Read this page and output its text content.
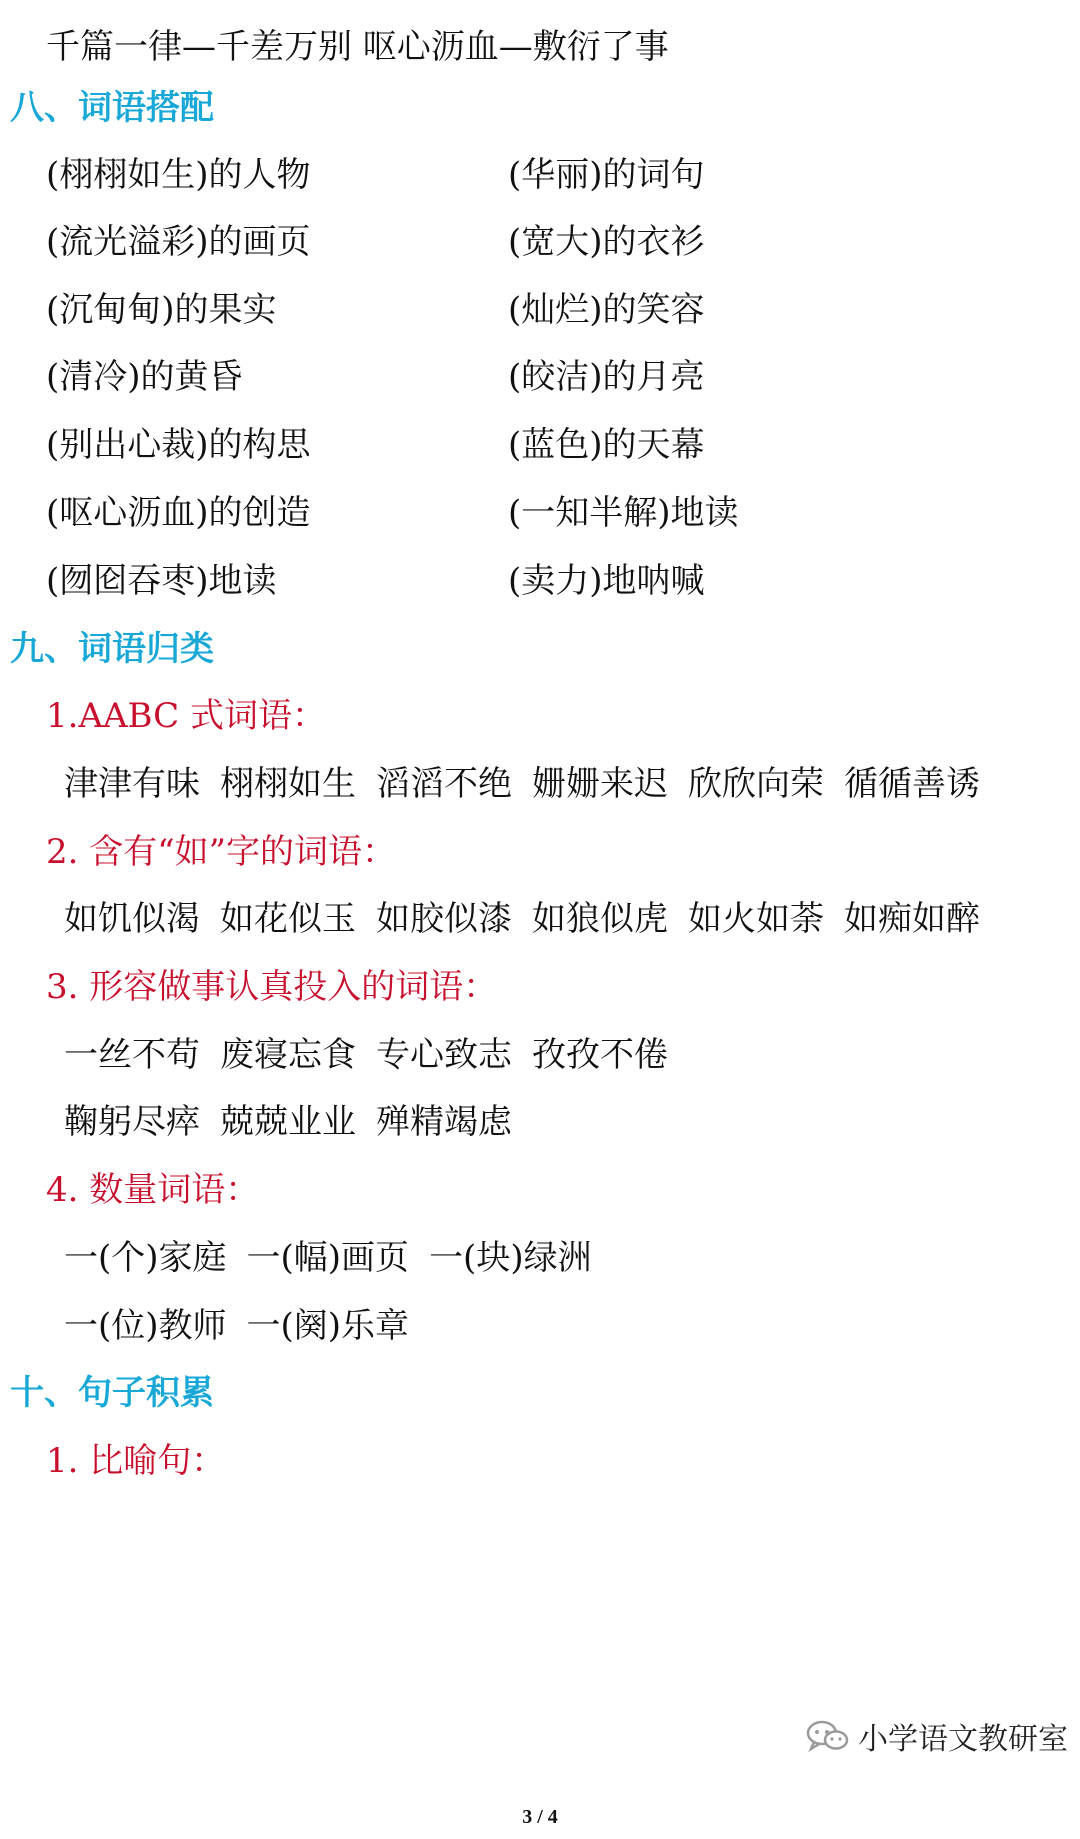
千篇一律—千差万别 呕心沥血—敷衍了事
八、词语搭配
(栩栩如生)的人物	(华丽)的词句
(流光溢彩)的画页	(宽大)的衣衫
(沉甸甸)的果实	(灿烂)的笑容
(清冷)的黄昏	(皎洁)的月亮
(别出心裁)的构思	(蓝色)的天幕
(呕心沥血)的创造	(一知半解)地读
(囫囵吞枣)地读	(卖力)地呐喊
九、词语归类
1.AABC 式词语：
津津有味 栩栩如生 滔滔不绝 姗姗来迟 欣欣向荣 循循善诱
2. 含有“如”字的词语：
如饥似渴 如花似玉 如胶似漆 如狼似虎 如火如荼 如痴如醉
3. 形容做事认真投入的词语：
一丝不苟 废寝忘食 专心致志 孜孜不倦
鞠躬尽瘁 兢兢业业 殚精竭虑
4. 数量词语：
一(个)家庭 一(幅)画页 一(块)绿洲
一(位)教师 一(阕)乐章
十、句子积累
1. 比喻句：
小学语文教研室
3 / 4
